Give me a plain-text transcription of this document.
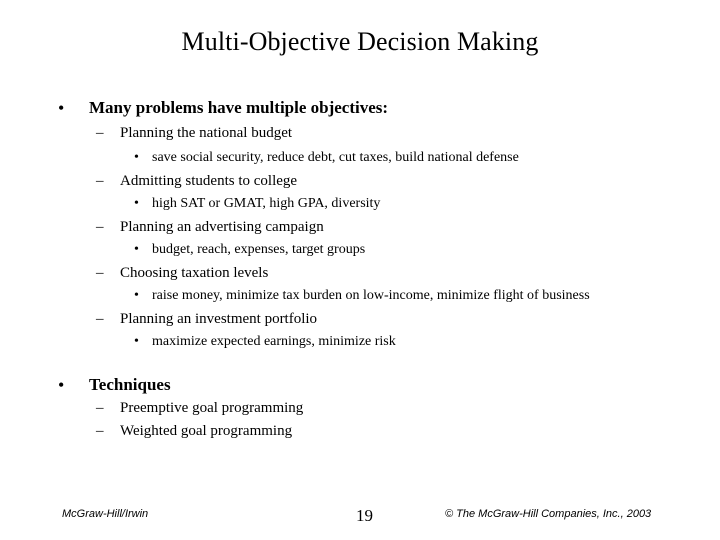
Multi-Objective Decision Making
• Many problems have multiple objectives:
– Planning the national budget
• save social security, reduce debt, cut taxes, build national defense
– Admitting students to college
• high SAT or GMAT, high GPA, diversity
– Planning an advertising campaign
• budget, reach, expenses, target groups
– Choosing taxation levels
• raise money, minimize tax burden on low-income, minimize flight of business
– Planning an investment portfolio
• maximize expected earnings, minimize risk
• Techniques
– Preemptive goal programming
– Weighted goal programming
McGraw-Hill/Irwin	19	© The McGraw-Hill Companies, Inc., 2003
